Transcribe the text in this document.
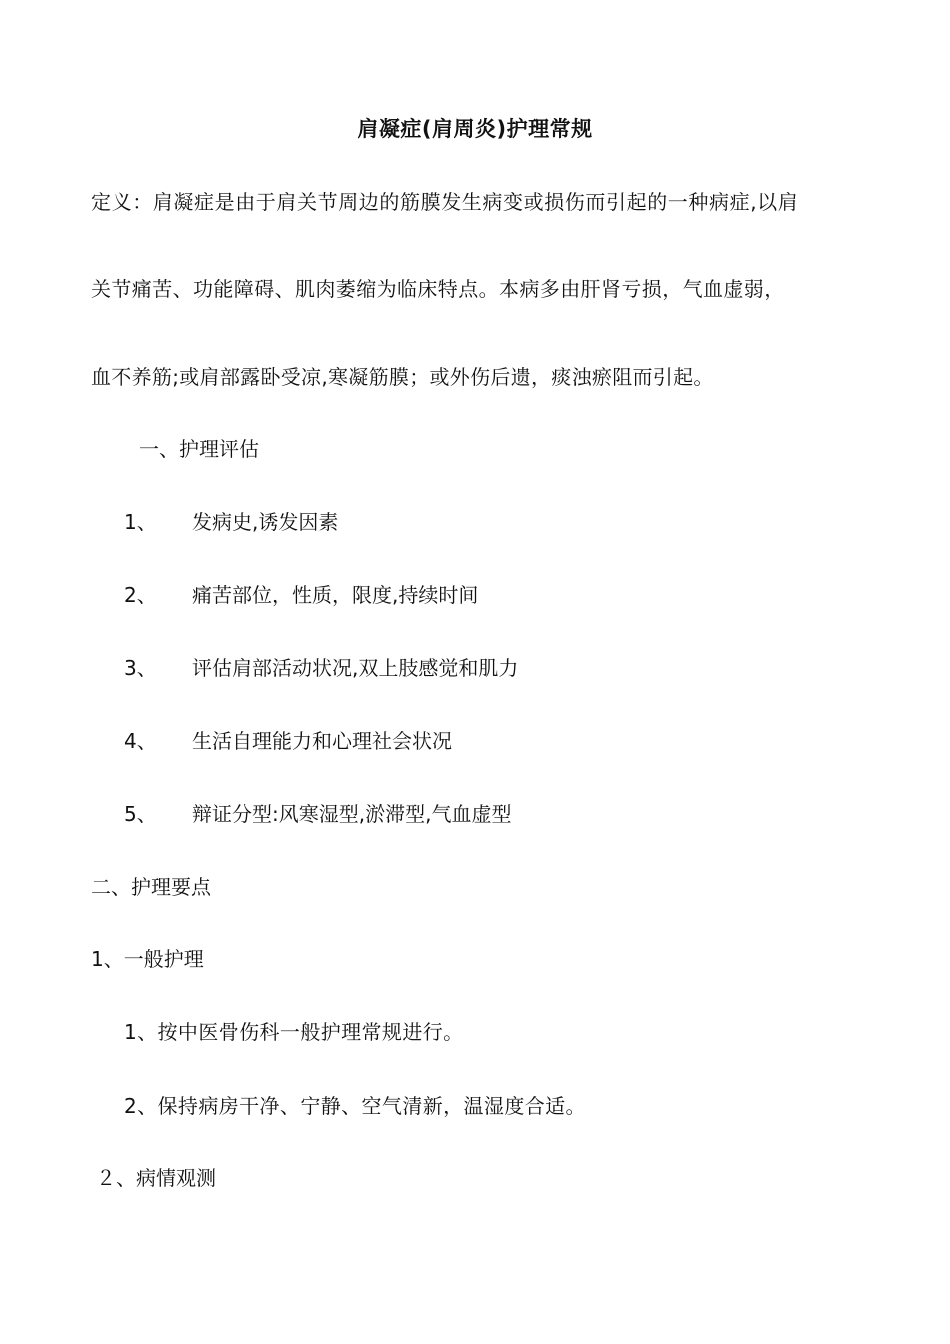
肩凝症(肩周炎)护理常规
定义：肩凝症是由于肩关节周边的筋膜发生病变或损伤而引起的一种病症,以肩
关节痛苦、功能障碍、肌肉萎缩为临床特点。本病多由肝肾亏损，气血虚弱，
血不养筋;或肩部露卧受凉,寒凝筋膜；或外伤后遗，痰浊瘀阻而引起。
一、护理评估
1、 发病史,诱发因素
2、 痛苦部位，性质，限度,持续时间
3、 评估肩部活动状况,双上肢感觉和肌力
4、 生活自理能力和心理社会状况
5、 辩证分型:风寒湿型,淤滞型,气血虚型
二、护理要点
1、一般护理
1、按中医骨伤科一般护理常规进行。
2、保持病房干净、宁静、空气清新，温湿度合适。
２、病情观测
